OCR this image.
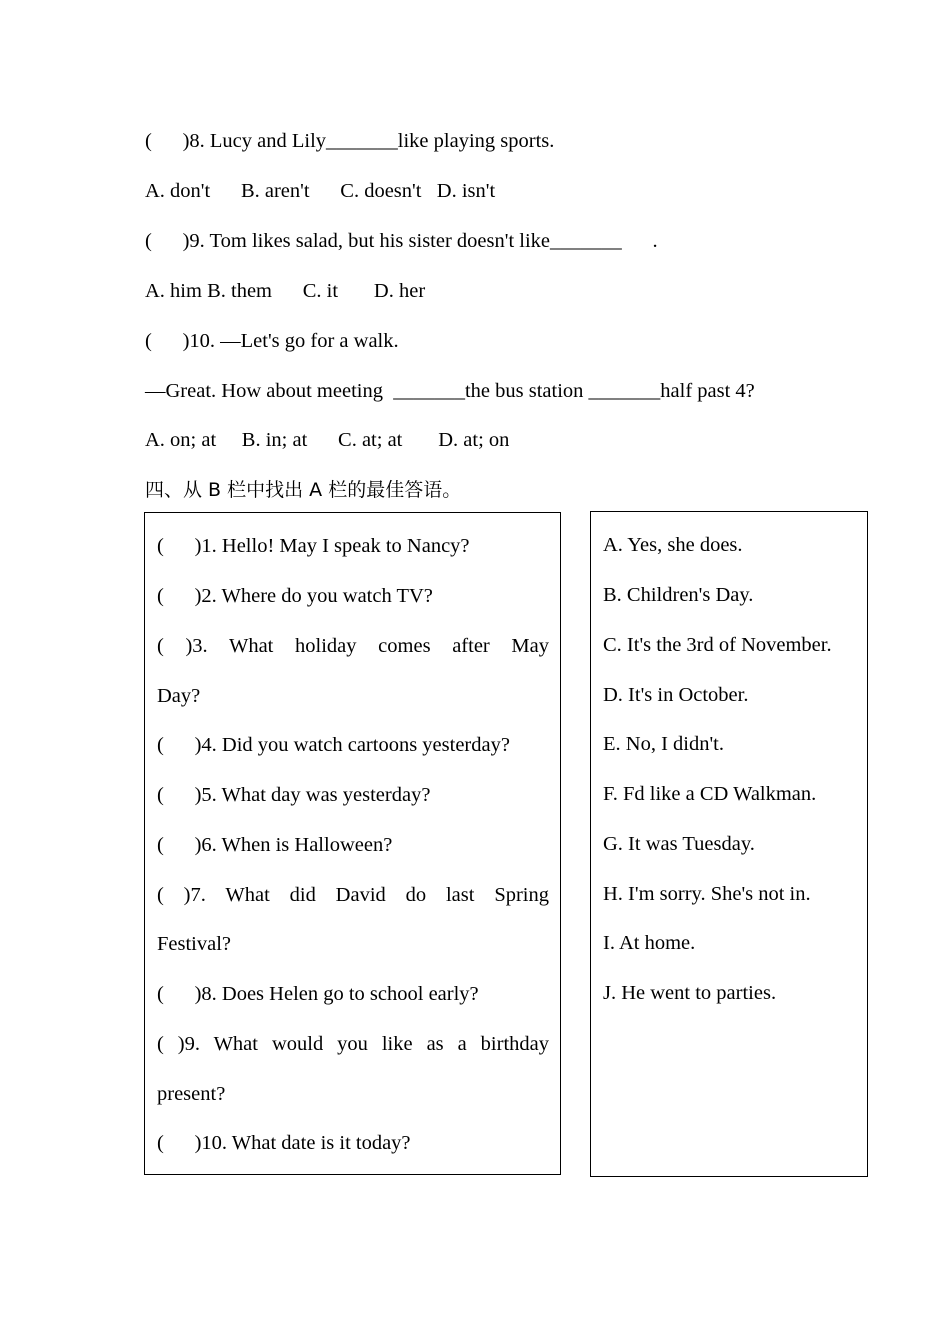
(      )8. Lucy and Lily_______like playing sports.
A. don't      B. aren't      C. doesn't   D. isn't
(      )9. Tom likes salad, but his sister doesn't like_______      .
A. him B. them      C. it       D. her
(      )10. —Let's go for a walk.
—Great. How about meeting  _______the bus station _______half past 4?
A. on; at     B. in; at      C. at; at       D. at; on
四、从 B 栏中找出 A 栏的最佳答语。
(      )1. Hello! May I speak to Nancy?
(      )2. Where do you watch TV?
( )3. What holiday comes after May
Day?
(      )4. Did you watch cartoons yesterday?
(      )5. What day was yesterday?
(      )6. When is Halloween?
( )7. What did David do last Spring
Festival?
(      )8. Does Helen go to school early?
( )9. What would you like as a birthday
present?
(      )10. What date is it today?
A. Yes, she does.
B. Children's Day.
C. It's the 3rd of November.
D. It's in October.
E. No, I didn't.
F. Fd like a CD Walkman.
G. It was Tuesday.
H. I'm sorry. She's not in.
I. At home.
J. He went to parties.
